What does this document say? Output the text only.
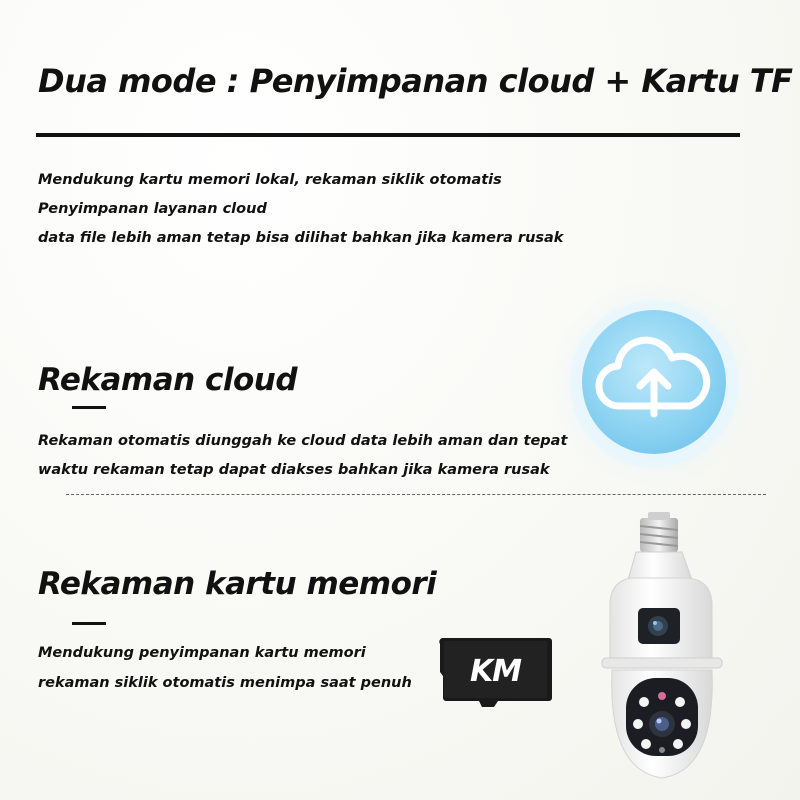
Dua mode : Penyimpanan cloud + Kartu TF
Mendukung kartu memori lokal, rekaman siklik otomatis
Penyimpanan layanan cloud
data file lebih aman tetap bisa dilihat bahkan jika kamera rusak
Rekaman cloud
Rekaman otomatis diunggah ke cloud data lebih aman dan tepat
waktu rekaman tetap dapat diakses bahkan jika kamera rusak
Rekaman kartu memori
Mendukung penyimpanan kartu memori
rekaman siklik otomatis menimpa saat penuh	KM
